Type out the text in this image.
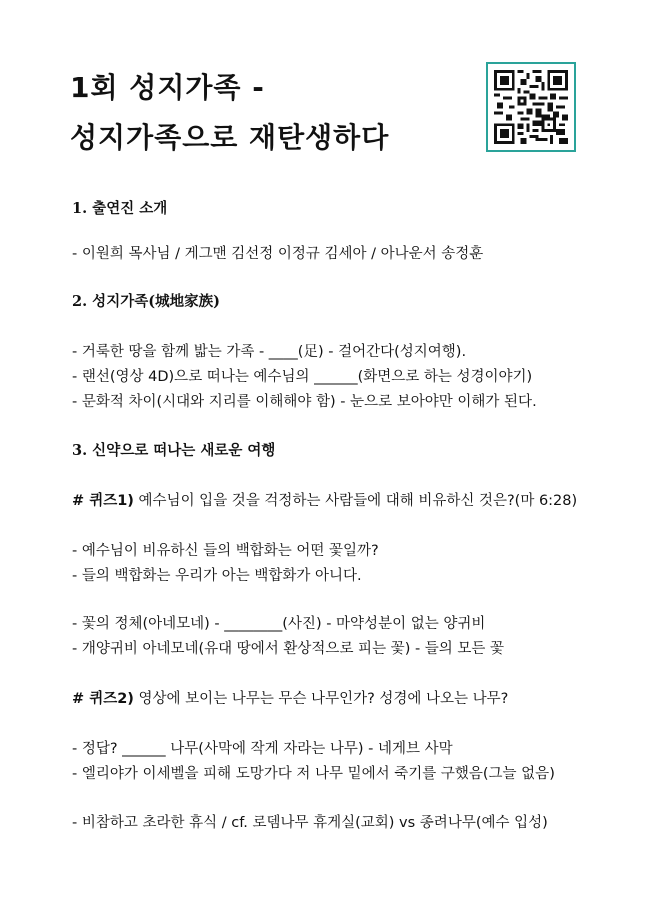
1회 성지가족 -
성지가족으로 재탄생하다
1. 출연진 소개
- 이원희 목사님 / 게그맨 김선정 이정규 김세아 / 아나운서 송정훈
2. 성지가족(城地家族)
- 거룩한 땅을 함께 밟는 가족 - ____(足) - 걸어간다(성지여행).
- 랜선(영상 4D)으로 떠나는 예수님의 ______(화면으로 하는 성경이야기)
- 문화적 차이(시대와 지리를 이해해야 함) - 눈으로 보아야만 이해가 된다.
3. 신약으로 떠나는 새로운 여행
# 퀴즈1) 예수님이 입을 것을 걱정하는 사람들에 대해 비유하신 것은?(마 6:28)
- 예수님이 비유하신 들의 백합화는 어떤 꽃일까?
- 들의 백합화는 우리가 아는 백합화가 아니다.
- 꽃의 정체(아네모네) - ________(사진) - 마약성분이 없는 양귀비
- 개양귀비 아네모네(유대 땅에서 환상적으로 피는 꽃) - 들의 모든 꽃
# 퀴즈2) 영상에 보이는 나무는 무슨 나무인가? 성경에 나오는 나무?
- 정답? ______ 나무(사막에 작게 자라는 나무) - 네게브 사막
- 엘리야가 이세벨을 피해 도망가다 저 나무 밑에서 죽기를 구했음(그늘 없음)
- 비참하고 초라한 휴식 / cf. 로뎀나무 휴게실(교회) vs 종려나무(예수 입성)
